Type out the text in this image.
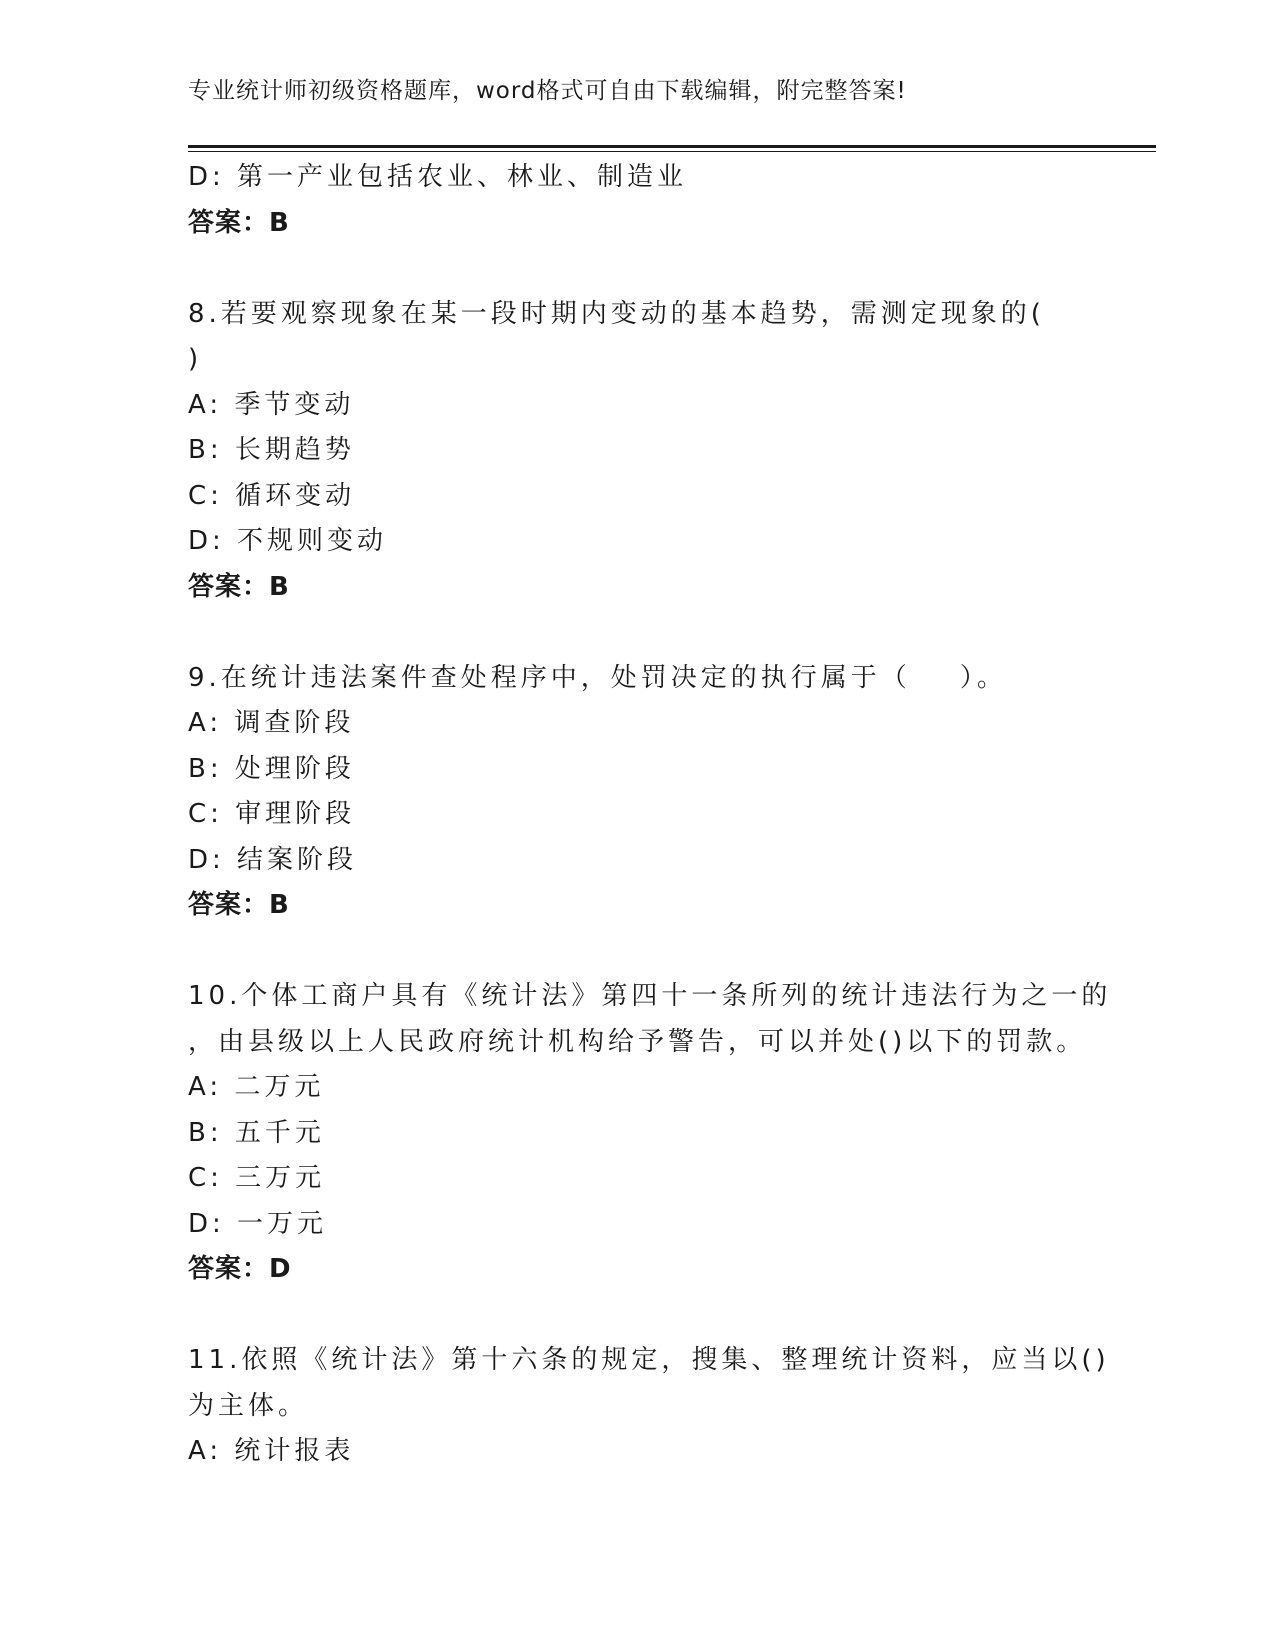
专业统计师初级资格题库，word格式可自由下载编辑，附完整答案!
D: 第一产业包括农业、林业、制造业
答案：B
8.若要观察现象在某一段时期内变动的基本趋势，需测定现象的(
)
A: 季节变动
B: 长期趋势
C: 循环变动
D: 不规则变动
答案：B
9.在统计违法案件查处程序中，处罚决定的执行属于（    ）。
A: 调查阶段
B: 处理阶段
C: 审理阶段
D: 结案阶段
答案：B
10.个体工商户具有《统计法》第四十一条所列的统计违法行为之一的
，由县级以上人民政府统计机构给予警告，可以并处()以下的罚款。
A: 二万元
B: 五千元
C: 三万元
D: 一万元
答案：D
11.依照《统计法》第十六条的规定，搜集、整理统计资料，应当以()
为主体。
A: 统计报表
